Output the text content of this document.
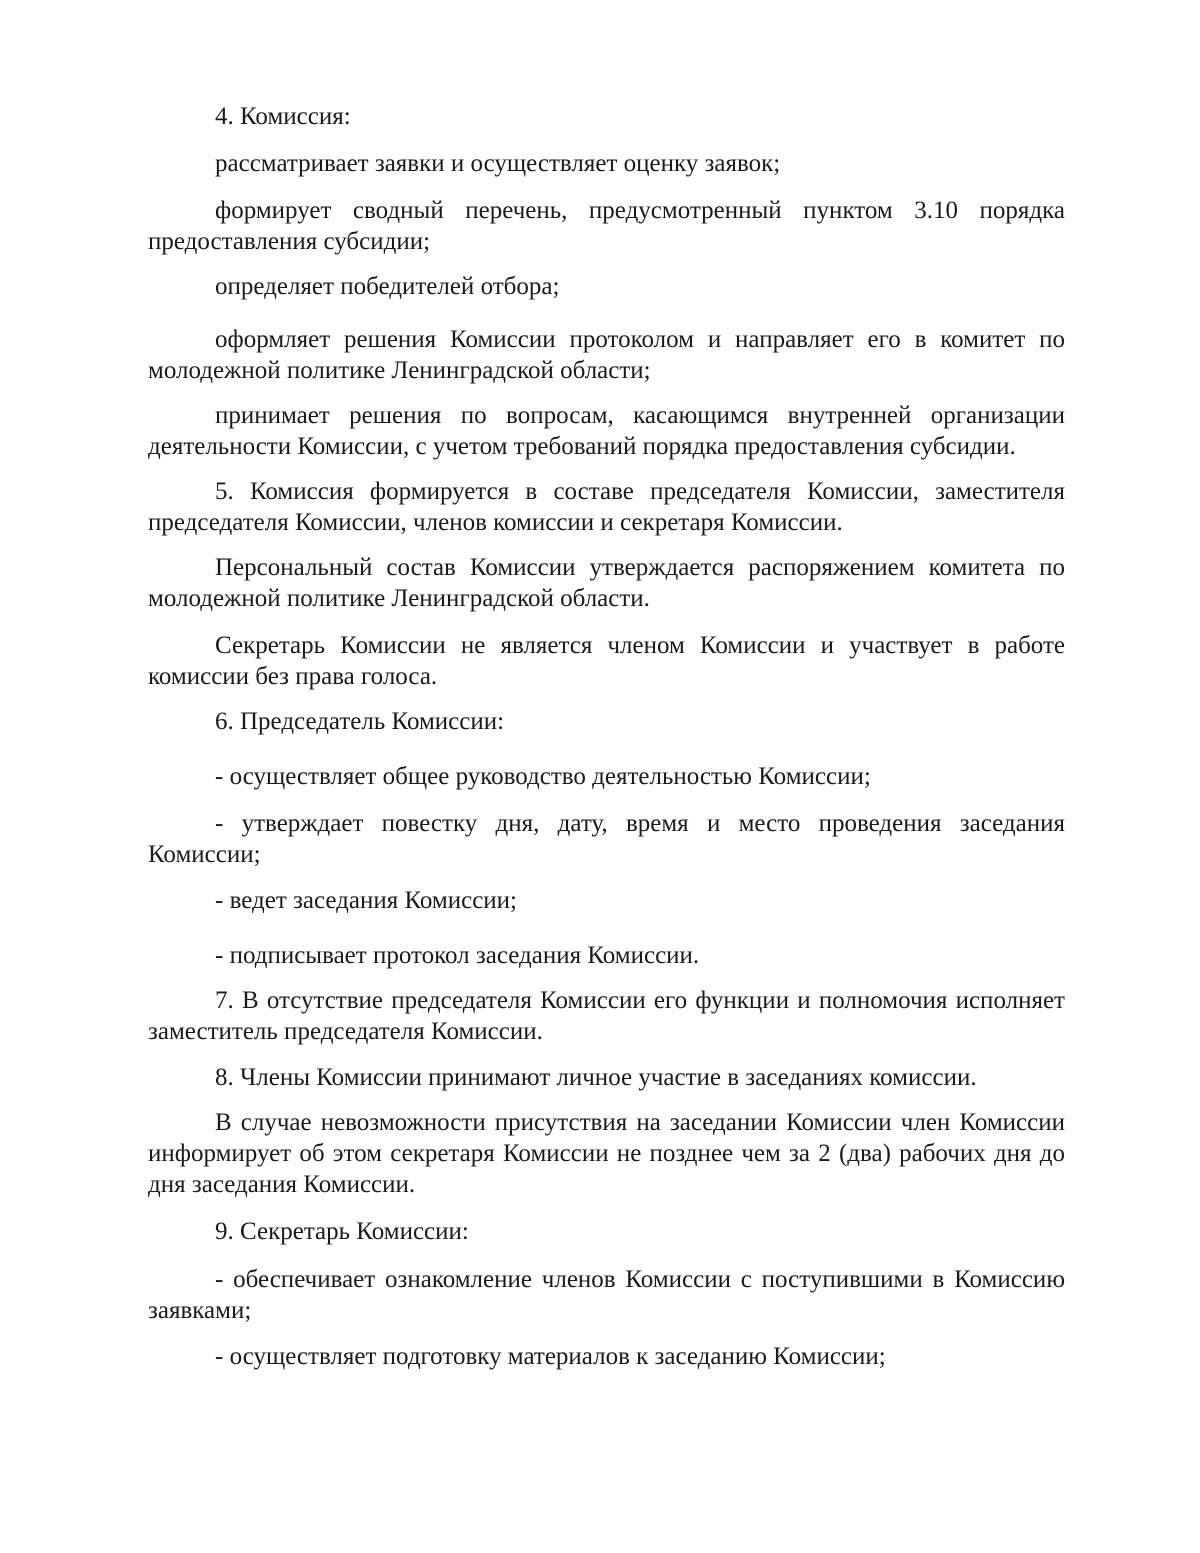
4. Комиссия:

рассматривает заявки и осуществляет оценку заявок;

формирует сводный перечень, предусмотренный пунктом 3.10 порядка предоставления субсидии;

определяет победителей отбора;

оформляет решения Комиссии протоколом и направляет его в комитет по молодежной политике Ленинградской области;

принимает решения по вопросам, касающимся внутренней организации деятельности Комиссии, с учетом требований порядка предоставления субсидии.

5. Комиссия формируется в составе председателя Комиссии, заместителя председателя Комиссии, членов комиссии и секретаря Комиссии.

Персональный состав Комиссии утверждается распоряжением комитета по молодежной политике Ленинградской области.

Секретарь Комиссии не является членом Комиссии и участвует в работе комиссии без права голоса.

6. Председатель Комиссии:

- осуществляет общее руководство деятельностью Комиссии;

- утверждает повестку дня, дату, время и место проведения заседания Комиссии;

- ведет заседания Комиссии;

- подписывает протокол заседания Комиссии.

7. В отсутствие председателя Комиссии его функции и полномочия исполняет заместитель председателя Комиссии.

8. Члены Комиссии принимают личное участие в заседаниях комиссии.

В случае невозможности присутствия на заседании Комиссии член Комиссии информирует об этом секретаря Комиссии не позднее чем за 2 (два) рабочих дня до дня заседания Комиссии.

9. Секретарь Комиссии:

- обеспечивает ознакомление членов Комиссии с поступившими в Комиссию заявками;

- осуществляет подготовку материалов к заседанию Комиссии;
